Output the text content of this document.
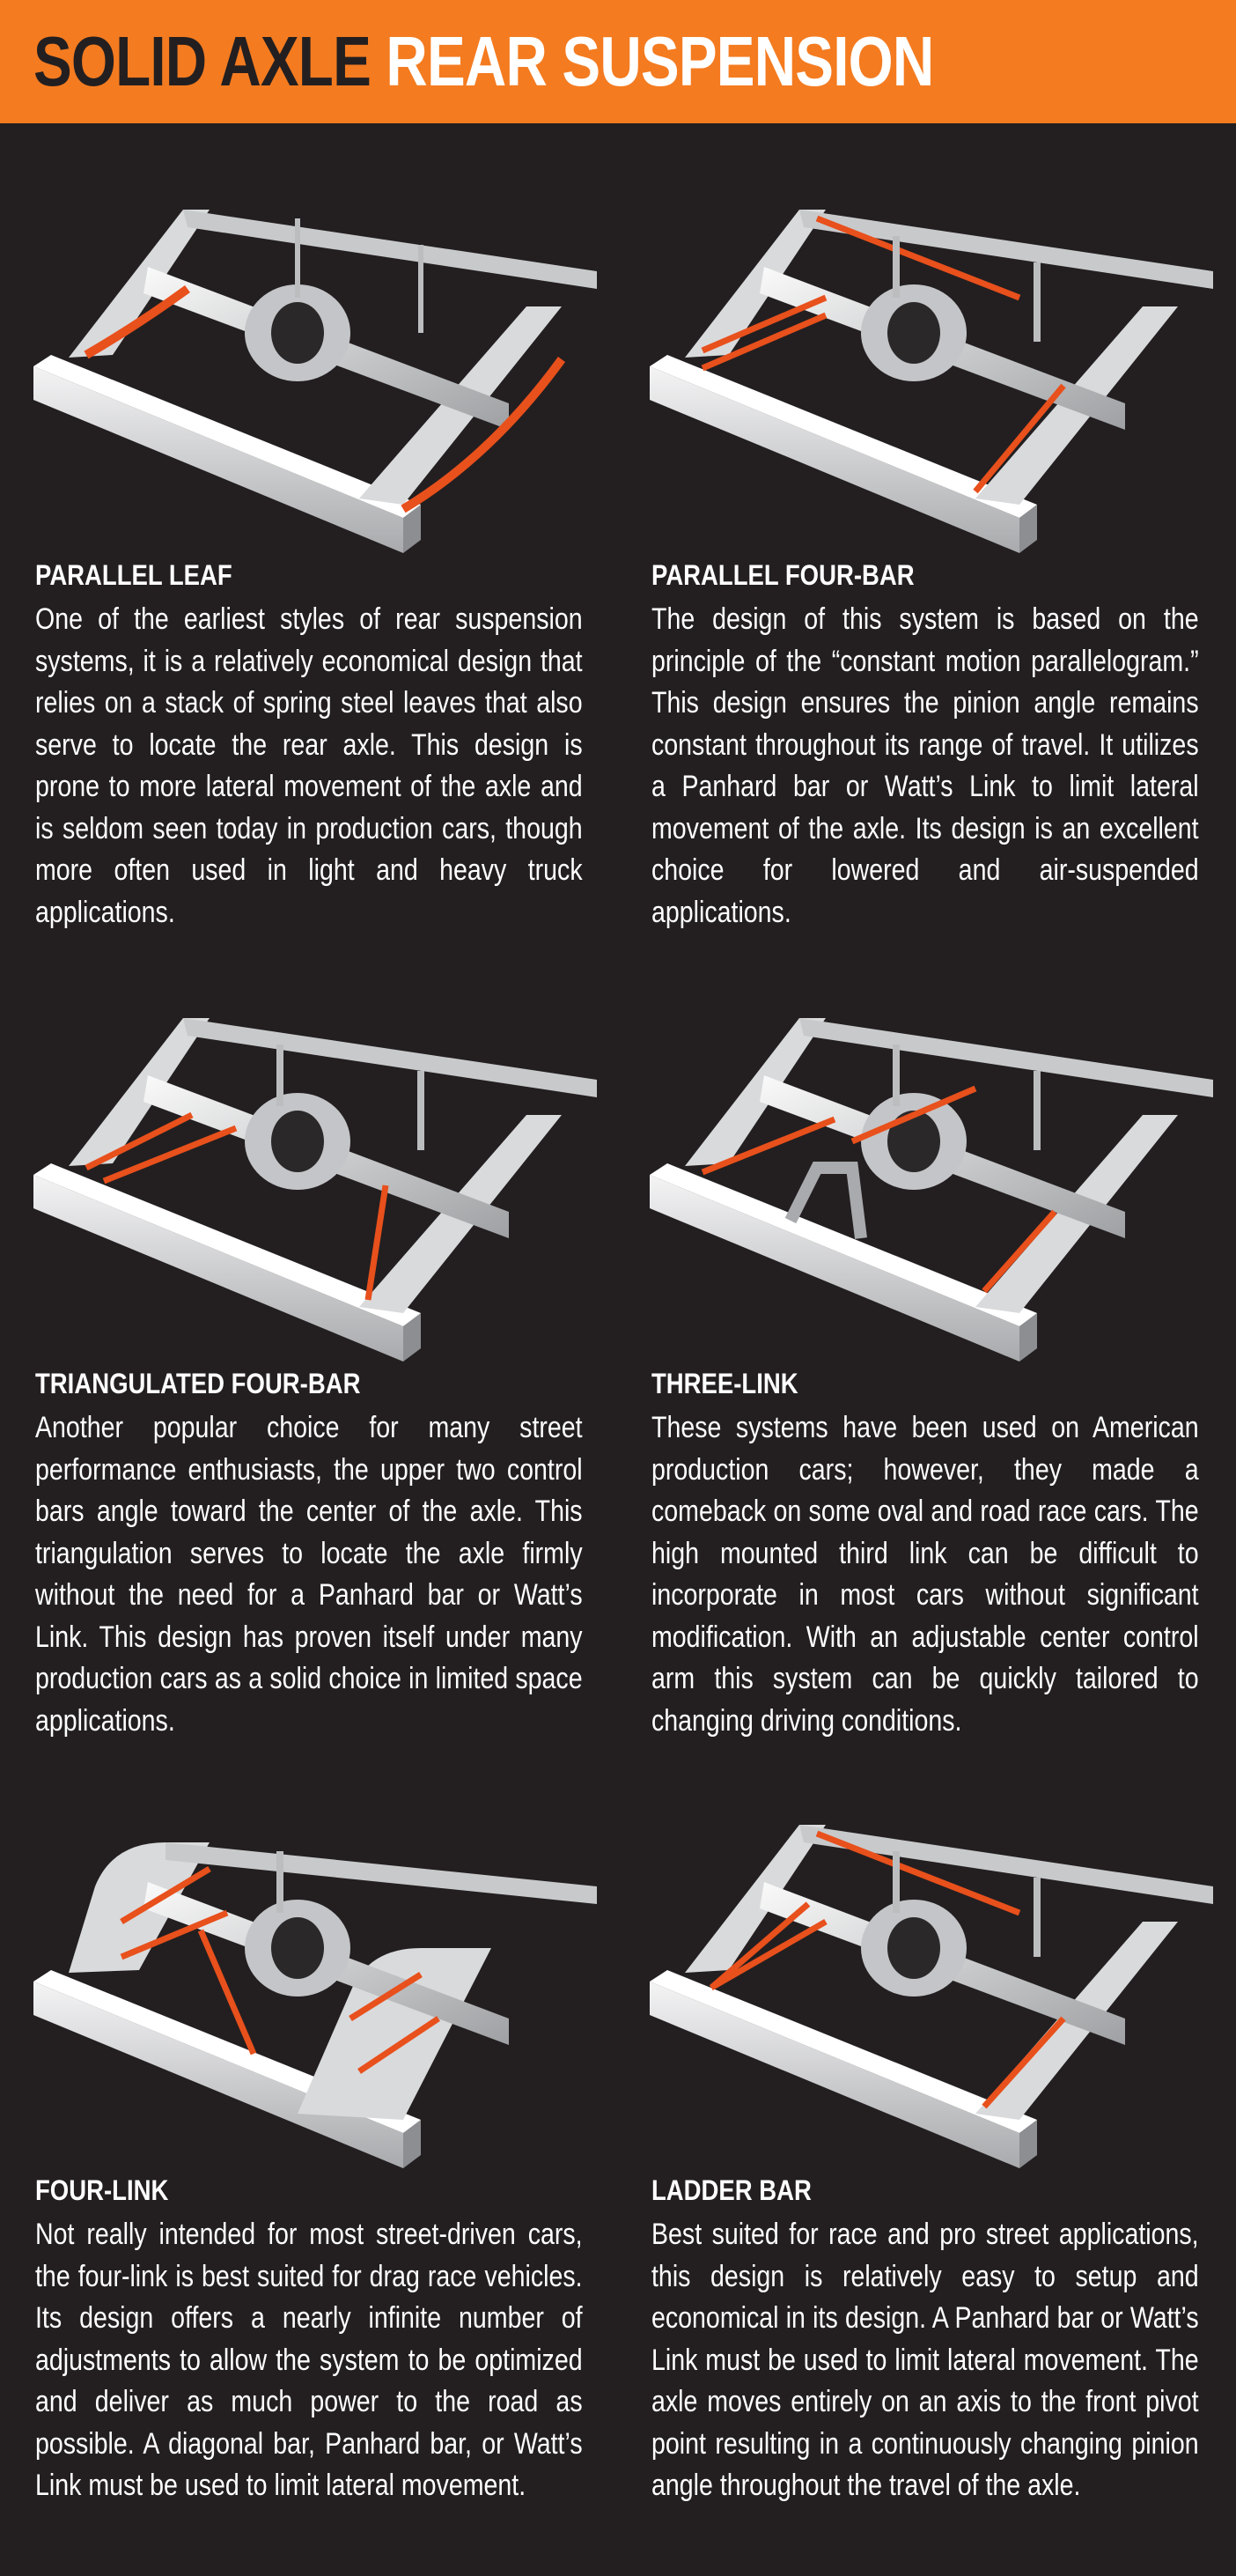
SOLID AXLE REAR SUSPENSION
PARALLEL LEAF

One of the earliest styles of rear suspension systems, it is a relatively economical design that relies on a stack of spring steel leaves that also serve to locate the rear axle. This design is prone to more lateral movement of the axle and is seldom seen today in production cars, though more often used in light and heavy truck applications.

PARALLEL FOUR-BAR

The design of this system is based on the principle of the “constant motion parallelogram.” This design ensures the pinion angle remains constant throughout its range of travel. It utilizes a Panhard bar or Watt’s Link to limit lateral movement of the axle. Its design is an excellent choice for lowered and air-suspended applications.

TRIANGULATED FOUR-BAR

Another popular choice for many street performance enthusiasts, the upper two control bars angle toward the center of the axle. This triangulation serves to locate the axle firmly without the need for a Panhard bar or Watt’s Link. This design has proven itself under many production cars as a solid choice in limited space applications.

THREE-LINK

These systems have been used on American production cars; however, they made a comeback on some oval and road race cars. The high mounted third link can be difficult to incorporate in most cars without significant modification. With an adjustable center control arm this system can be quickly tailored to changing driving conditions.

FOUR-LINK

Not really intended for most street-driven cars, the four-link is best suited for drag race vehicles. Its design offers a nearly infinite number of adjustments to allow the system to be optimized and deliver as much power to the road as possible. A diagonal bar, Panhard bar, or Watt’s Link must be used to limit lateral movement.

LADDER BAR

Best suited for race and pro street applications, this design is relatively easy to setup and economical in its design. A Panhard bar or Watt’s Link must be used to limit lateral movement. The axle moves entirely on an axis to the front pivot point resulting in a continuously changing pinion angle throughout the travel of the axle.
